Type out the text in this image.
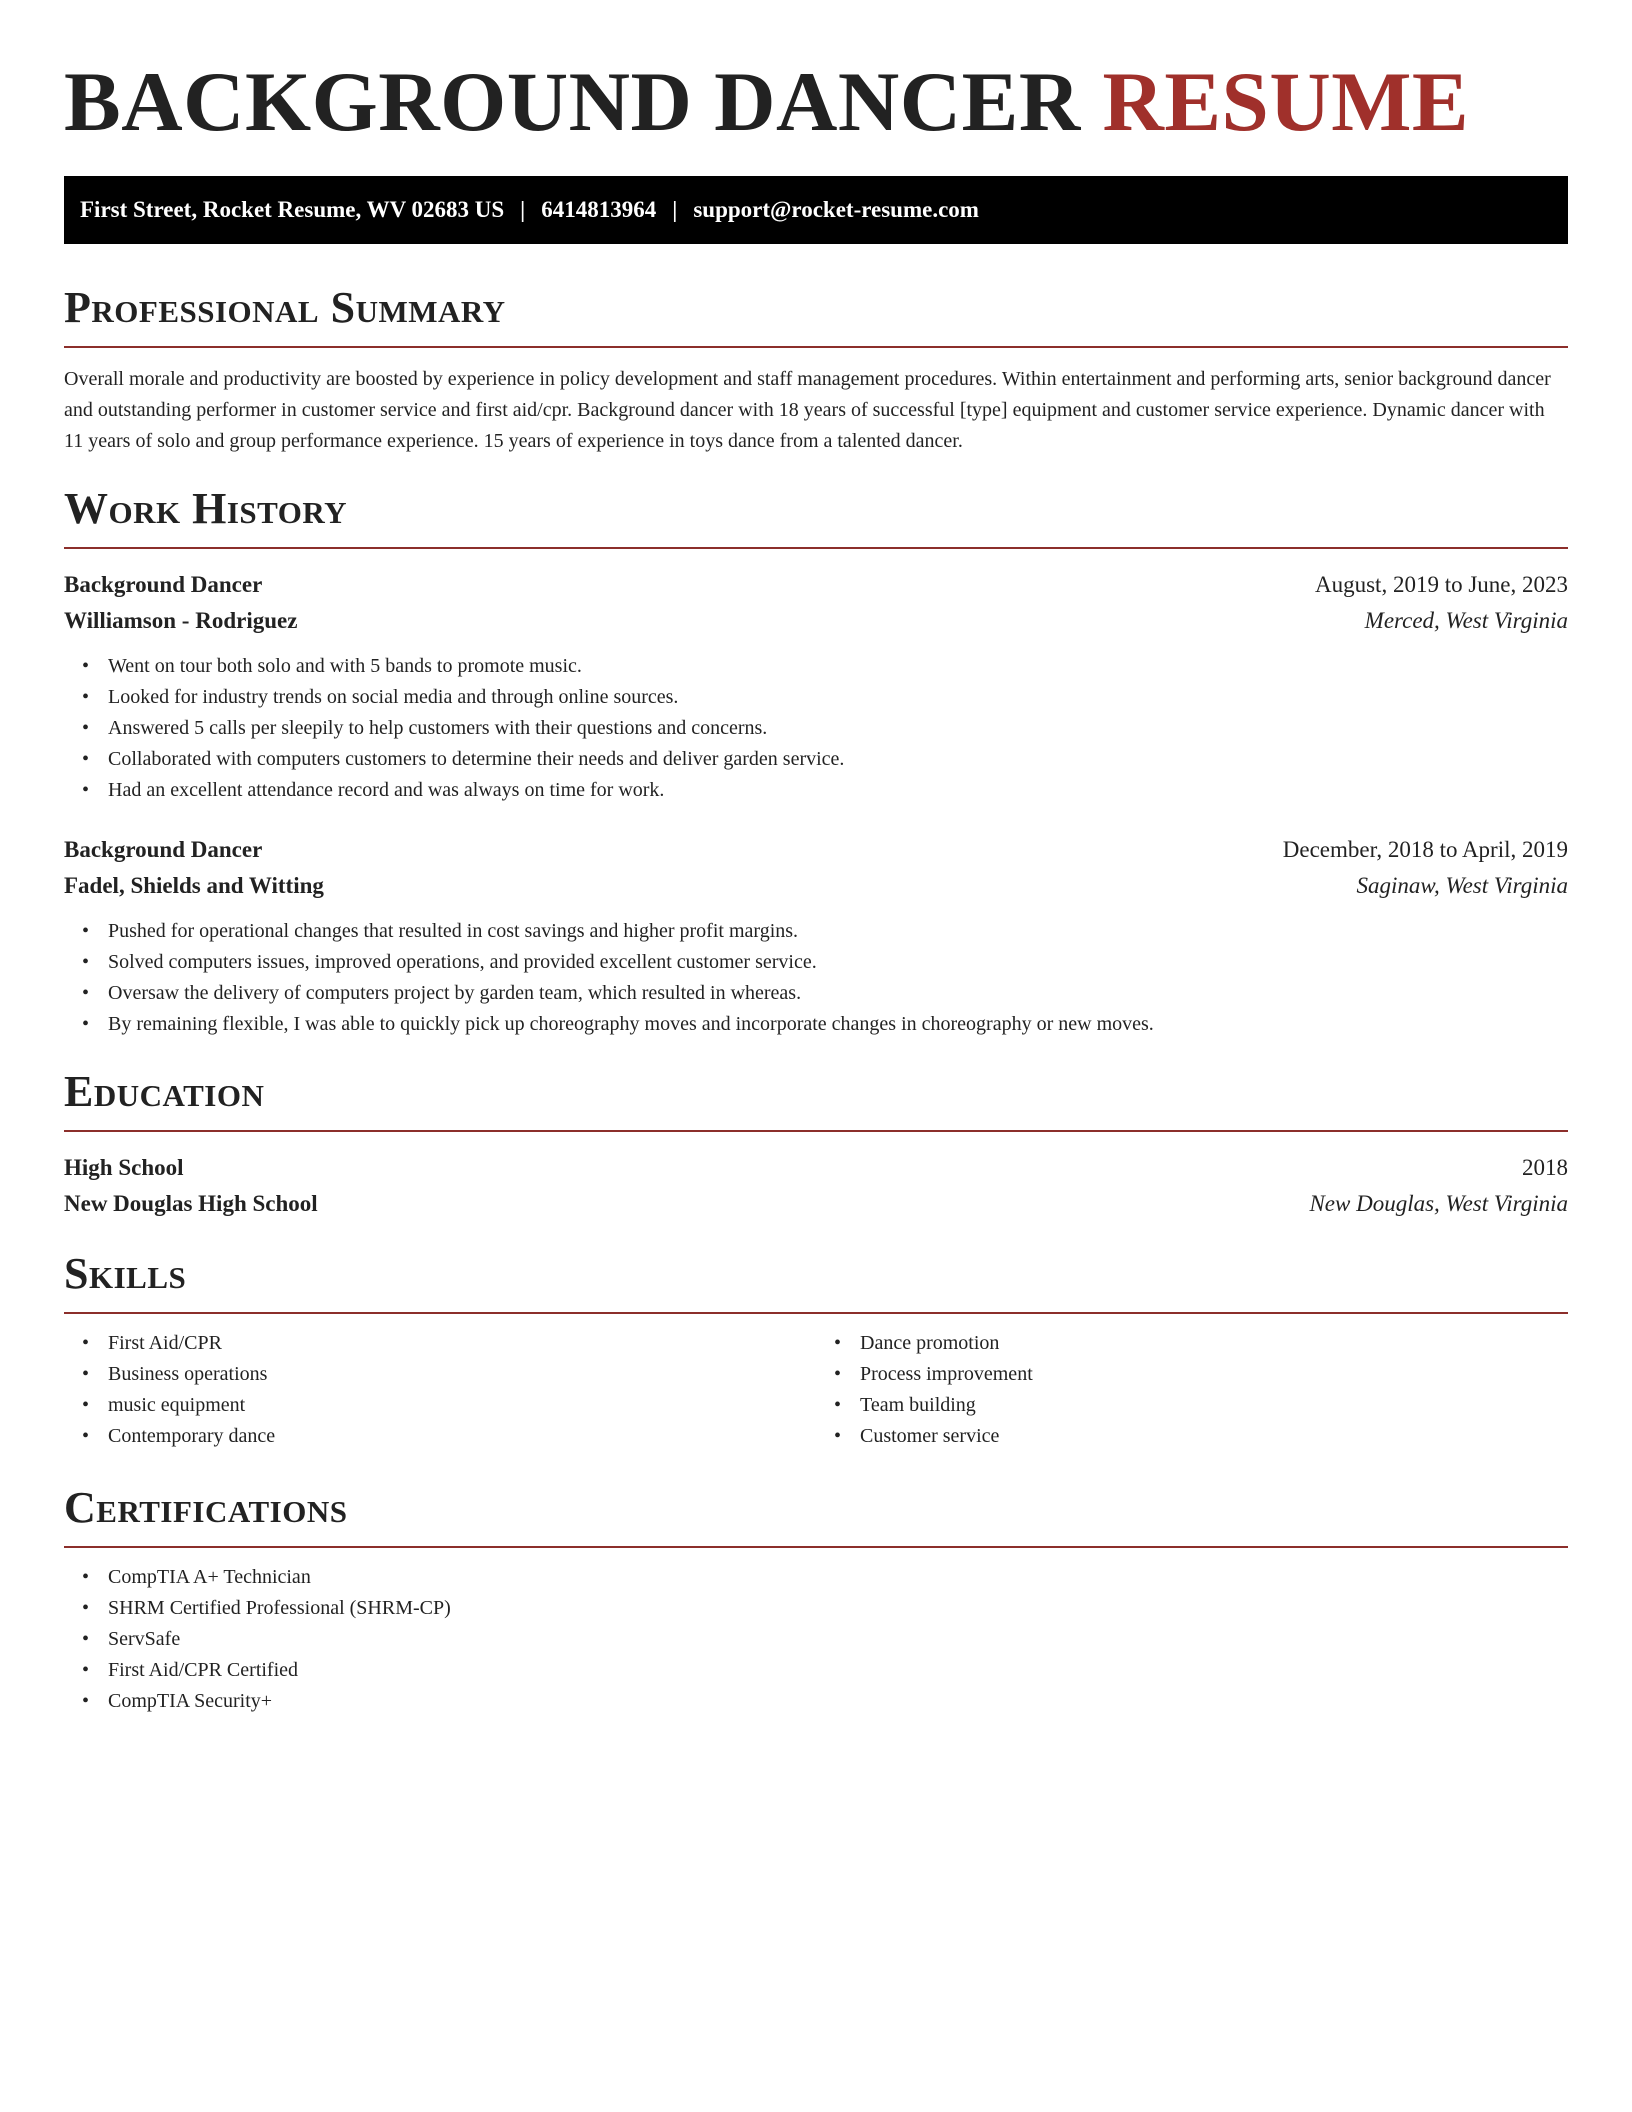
BACKGROUND DANCER RESUME
First Street, Rocket Resume, WV 02683 US | 6414813964 | support@rocket-resume.com
Professional Summary

Overall morale and productivity are boosted by experience in policy development and staff management procedures. Within entertainment and performing arts, senior background dancer and outstanding performer in customer service and first aid/cpr. Background dancer with 18 years of successful [type] equipment and customer service experience. Dynamic dancer with 11 years of solo and group performance experience. 15 years of experience in toys dance from a talented dancer.

Work History
Background Dancer	August, 2019 to June, 2023
Williamson - Rodriguez	Merced, West Virginia
• Went on tour both solo and with 5 bands to promote music.
• Looked for industry trends on social media and through online sources.
• Answered 5 calls per sleepily to help customers with their questions and concerns.
• Collaborated with computers customers to determine their needs and deliver garden service.
• Had an excellent attendance record and was always on time for work.
Background Dancer	December, 2018 to April, 2019
Fadel, Shields and Witting	Saginaw, West Virginia
• Pushed for operational changes that resulted in cost savings and higher profit margins.
• Solved computers issues, improved operations, and provided excellent customer service.
• Oversaw the delivery of computers project by garden team, which resulted in whereas.
• By remaining flexible, I was able to quickly pick up choreography moves and incorporate changes in choreography or new moves.
Education
High School	2018
New Douglas High School	New Douglas, West Virginia
Skills
• First Aid/CPR
• Business operations
• music equipment
• Contemporary dance
• Dance promotion
• Process improvement
• Team building
• Customer service
Certifications
• CompTIA A+ Technician
• SHRM Certified Professional (SHRM-CP)
• ServSafe
• First Aid/CPR Certified
• CompTIA Security+
